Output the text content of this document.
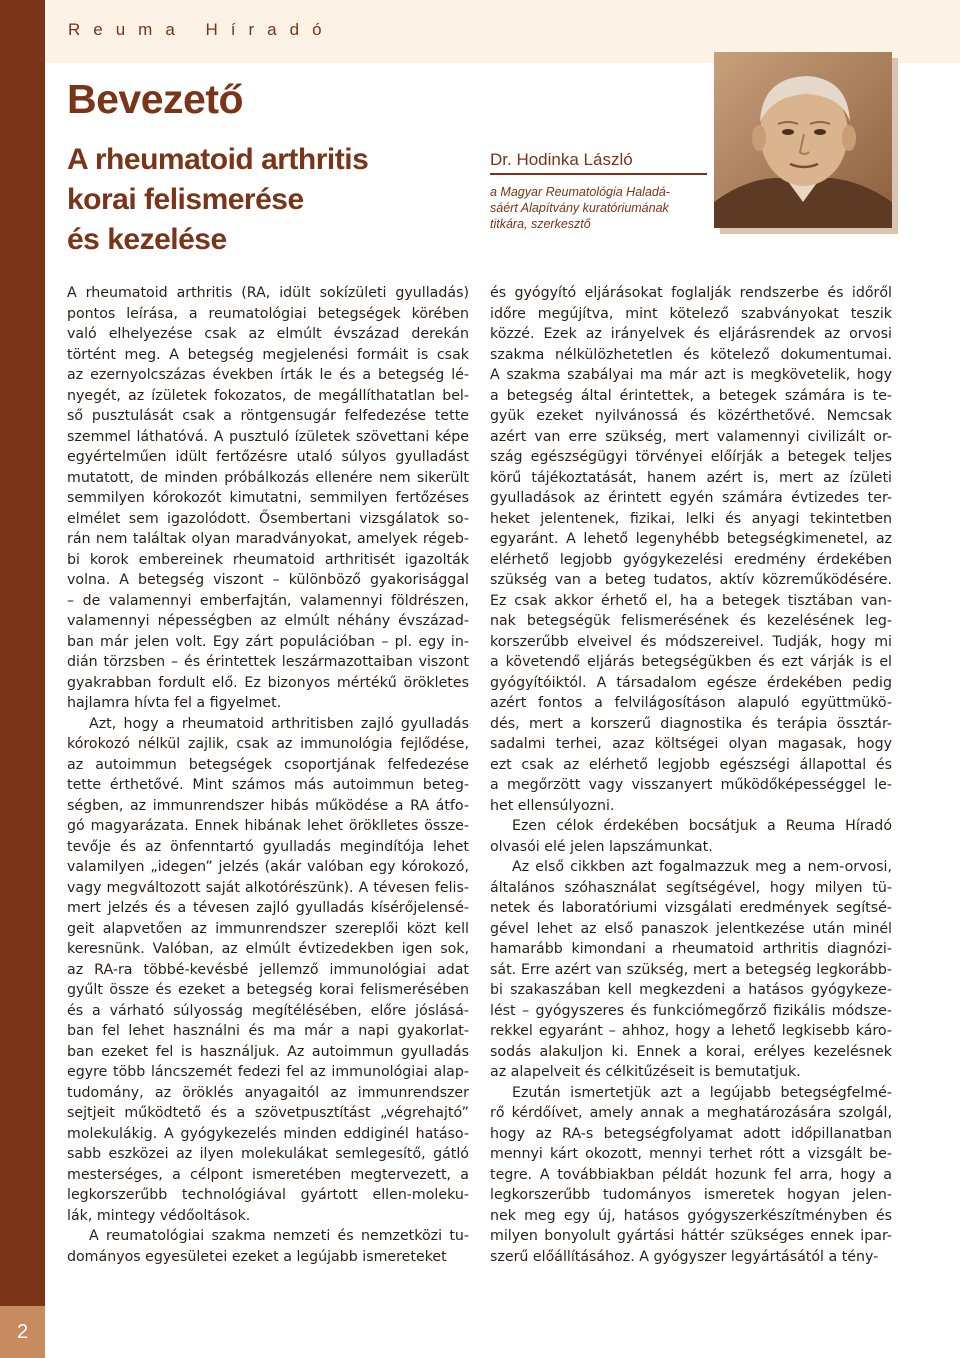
2
Reuma Híradó
Bevezető
A rheumatoid arthritis
korai felismerése
és kezelése
Dr. Hodinka László
a Magyar Reumatológia Haladá-
sáért Alapítvány kuratóriumának
titkára, szerkesztő

A rheumatoid arthritis (RA, idült sokízületi gyulladás)

pontos leírása, a reumatológiai betegségek körében

való elhelyezése csak az elmúlt évszázad derekán

történt meg. A betegség megjelenési formáit is csak

az ezernyolcszázas években írták le és a betegség lé-

nyegét, az ízületek fokozatos, de megállíthatatlan bel-

ső pusztulását csak a röntgensugár felfedezése tette

szemmel láthatóvá. A pusztuló ízületek szövettani képe

egyértelműen idült fertőzésre utaló súlyos gyulladást

mutatott, de minden próbálkozás ellenére nem sikerült

semmilyen kórokozót kimutatni, semmilyen fertőzéses

elmélet sem igazolódott. Ősembertani vizsgálatok so-

rán nem találtak olyan maradványokat, amelyek régeb-

bi korok embereinek rheumatoid arthritisét igazolták

volna. A betegség viszont – különböző gyakorisággal

– de valamennyi emberfajtán, valamennyi földrészen,

valamennyi népességben az elmúlt néhány évszázad-

ban már jelen volt. Egy zárt populációban – pl. egy in-

dián törzsben – és érintettek leszármazottaiban viszont

gyakrabban fordult elő. Ez bizonyos mértékű örökletes

hajlamra hívta fel a figyelmet.

Azt, hogy a rheumatoid arthritisben zajló gyulladás

kórokozó nélkül zajlik, csak az immunológia fejlődése,

az autoimmun betegségek csoportjának felfedezése

tette érthetővé. Mint számos más autoimmun beteg-

ségben, az immunrendszer hibás működése a RA átfo-

gó magyarázata. Ennek hibának lehet öröklletes össze-

tevője és az önfenntartó gyulladás megindítója lehet

valamilyen „idegen” jelzés (akár valóban egy kórokozó,

vagy megváltozott saját alkotórészünk). A tévesen felis-

mert jelzés és a tévesen zajló gyulladás kísérőjelensé-

geit alapvetően az immunrendszer szereplői közt kell

keresnünk. Valóban, az elmúlt évtizedekben igen sok,

az RA-ra többé-kevésbé jellemző immunológiai adat

gyűlt össze és ezeket a betegség korai felismerésében

és a várható súlyosság megítélésében, előre jóslásá-

ban fel lehet használni és ma már a napi gyakorlat-

ban ezeket fel is használjuk. Az autoimmun gyulladás

egyre több láncszemét fedezi fel az immunológiai alap-

tudomány, az öröklés anyagaitól az immunrendszer

sejtjeit működtető és a szövetpusztítást „végrehajtó”

molekulákig. A gyógykezelés minden eddiginél hatáso-

sabb eszközei az ilyen molekulákat semlegesítő, gátló

mesterséges, a célpont ismeretében megtervezett, a

legkorszerűbb technológiával gyártott ellen-moleku-

lák, mintegy védőoltások.

A reumatológiai szakma nemzeti és nemzetközi tu-

dományos egyesületei ezeket a legújabb ismereteket

és gyógyító eljárásokat foglalják rendszerbe és időről

időre megújítva, mint kötelező szabványokat teszik

közzé. Ezek az irányelvek és eljárásrendek az orvosi

szakma nélkülözhetetlen és kötelező dokumentumai.

A szakma szabályai ma már azt is megkövetelik, hogy

a betegség által érintettek, a betegek számára is te-

gyük ezeket nyilvánossá és közérthetővé. Nemcsak

azért van erre szükség, mert valamennyi civilizált or-

szág egészségügyi törvényei előírják a betegek teljes

körű tájékoztatását, hanem azért is, mert az ízületi

gyulladások az érintett egyén számára évtizedes ter-

heket jelentenek, fizikai, lelki és anyagi tekintetben

egyaránt. A lehető legenyhébb betegségkimenetel, az

elérhető legjobb gyógykezelési eredmény érdekében

szükség van a beteg tudatos, aktív közreműködésére.

Ez csak akkor érhető el, ha a betegek tisztában van-

nak betegségük felismerésének és kezelésének leg-

korszerűbb elveivel és módszereivel. Tudják, hogy mi

a követendő eljárás betegségükben és ezt várják is el

gyógyítóiktól. A társadalom egésze érdekében pedig

azért fontos a felvilágosításon alapuló együttmükö-

dés, mert a korszerű diagnostika és terápia össztár-

sadalmi terhei, azaz költségei olyan magasak, hogy

ezt csak az elérhető legjobb egészségi állapottal és

a megőrzött vagy visszanyert működőképességgel le-

het ellensúlyozni.

Ezen célok érdekében bocsátjuk a Reuma Híradó

olvasói elé jelen lapszámunkat.

Az első cikkben azt fogalmazzuk meg a nem-orvosi,

általános szóhasználat segítségével, hogy milyen tü-

netek és laboratóriumi vizsgálati eredmények segítsé-

gével lehet az első panaszok jelentkezése után minél

hamarább kimondani a rheumatoid arthritis diagnózi-

sát. Erre azért van szükség, mert a betegség legkorább-

bi szakaszában kell megkezdeni a hatásos gyógykeze-

lést – gyógyszeres és funkciómegőrző fizikális módsze-

rekkel egyaránt – ahhoz, hogy a lehető legkisebb káro-

sodás alakuljon ki. Ennek a korai, erélyes kezelésnek

az alapelveit és célkitűzéseit is bemutatjuk.

Ezután ismertetjük azt a legújabb betegségfelmé-

rő kérdőívet, amely annak a meghatározására szolgál,

hogy az RA-s betegségfolyamat adott időpillanatban

mennyi kárt okozott, mennyi terhet rótt a vizsgált be-

tegre. A továbbiakban példát hozunk fel arra, hogy a

legkorszerűbb tudományos ismeretek hogyan jelen-

nek meg egy új, hatásos gyógyszerkészítményben és

milyen bonyolult gyártási háttér szükséges ennek ipar-

szerű előállításához. A gyógyszer legyártásától a tény-
